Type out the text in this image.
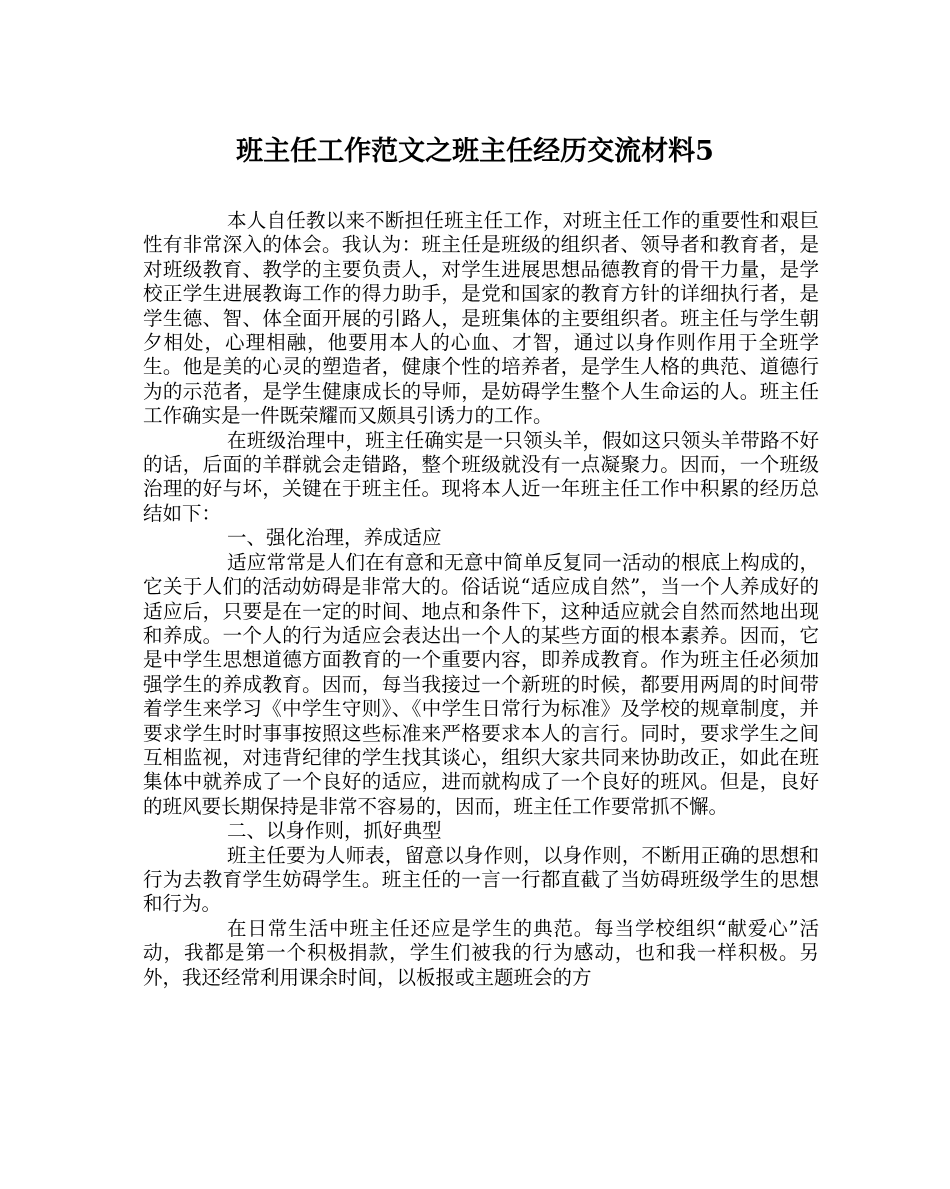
班主任工作范文之班主任经历交流材料5

本人自任教以来不断担任班主任工作，对班主任工作的重要性和艰巨性有非常深入的体会。我认为：班主任是班级的组织者、领导者和教育者，是对班级教育、教学的主要负责人，对学生进展思想品德教育的骨干力量，是学校正学生进展教诲工作的得力助手，是党和国家的教育方针的详细执行者，是学生德、智、体全面开展的引路人，是班集体的主要组织者。班主任与学生朝夕相处，心理相融，他要用本人的心血、才智，通过以身作则作用于全班学生。他是美的心灵的塑造者，健康个性的培养者，是学生人格的典范、道德行为的示范者，是学生健康成长的导师，是妨碍学生整个人生命运的人。班主任工作确实是一件既荣耀而又颇具引诱力的工作。

在班级治理中，班主任确实是一只领头羊，假如这只领头羊带路不好的话，后面的羊群就会走错路，整个班级就没有一点凝聚力。因而，一个班级治理的好与坏，关键在于班主任。现将本人近一年班主任工作中积累的经历总结如下：

一、强化治理，养成适应

适应常常是人们在有意和无意中简单反复同一活动的根底上构成的，它关于人们的活动妨碍是非常大的。俗话说“适应成自然”，当一个人养成好的适应后，只要是在一定的时间、地点和条件下，这种适应就会自然而然地出现和养成。一个人的行为适应会表达出一个人的某些方面的根本素养。因而，它是中学生思想道德方面教育的一个重要内容，即养成教育。作为班主任必须加强学生的养成教育。因而，每当我接过一个新班的时候，都要用两周的时间带着学生来学习《中学生守则》、《中学生日常行为标准》及学校的规章制度，并要求学生时时事事按照这些标准来严格要求本人的言行。同时，要求学生之间互相监视，对违背纪律的学生找其谈心，组织大家共同来协助改正，如此在班集体中就养成了一个良好的适应，进而就构成了一个良好的班风。但是，良好的班风要长期保持是非常不容易的，因而，班主任工作要常抓不懈。

二、以身作则，抓好典型

班主任要为人师表，留意以身作则，以身作则，不断用正确的思想和行为去教育学生妨碍学生。班主任的一言一行都直截了当妨碍班级学生的思想和行为。

在日常生活中班主任还应是学生的典范。每当学校组织“献爱心”活动，我都是第一个积极捐款，学生们被我的行为感动，也和我一样积极。另外，我还经常利用课余时间，以板报或主题班会的方
